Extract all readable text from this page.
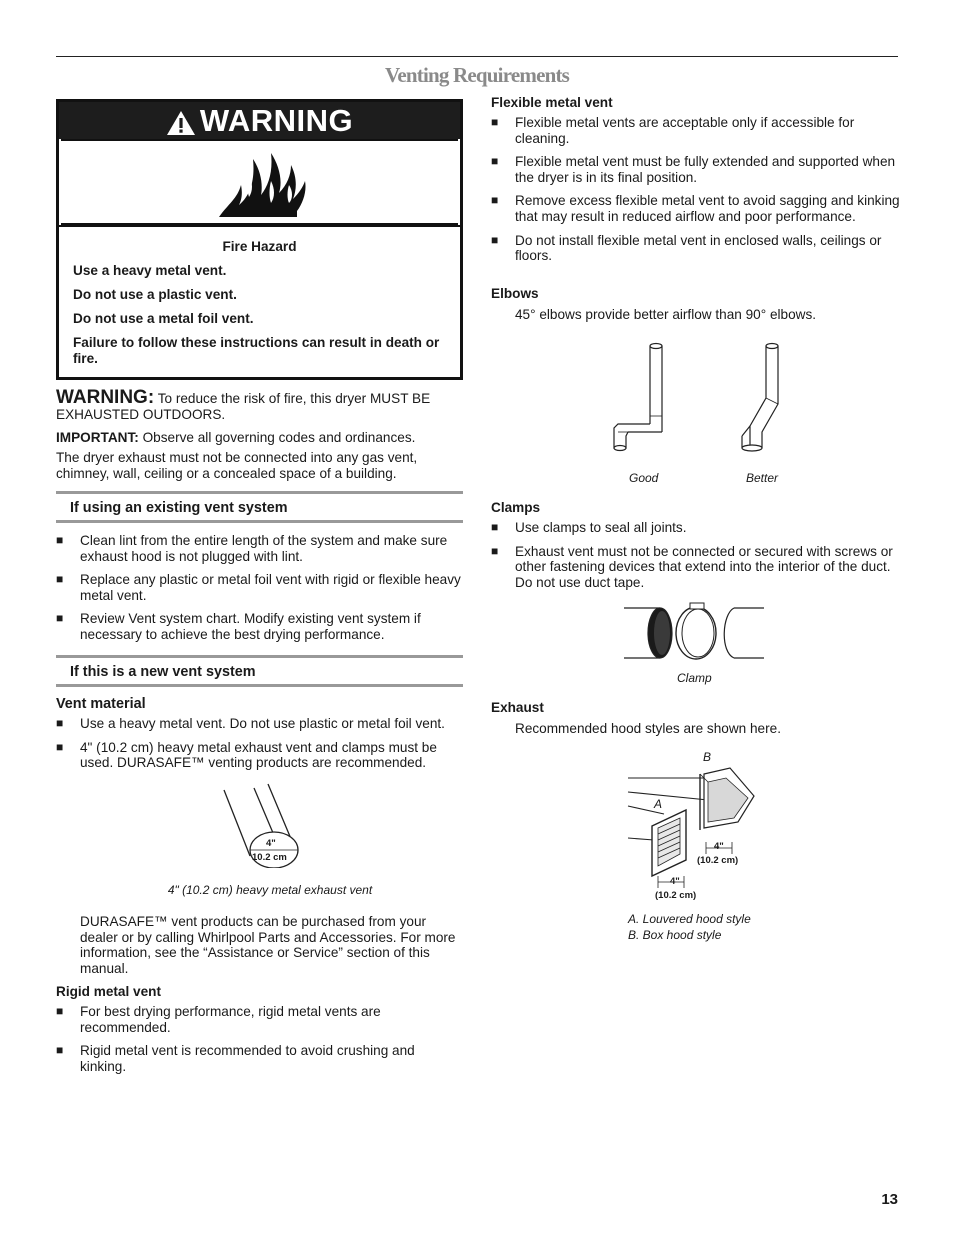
Venting Requirements
WARNING

Fire Hazard

Use a heavy metal vent.

Do not use a plastic vent.

Do not use a metal foil vent.

Failure to follow these instructions can result in death or fire.

WARNING: To reduce the risk of fire, this dryer MUST BE EXHAUSTED OUTDOORS.
IMPORTANT: Observe all governing codes and ordinances.
The dryer exhaust must not be connected into any gas vent, chimney, wall, ceiling or a concealed space of a building.
If using an existing vent system
■ Clean lint from the entire length of the system and make sure exhaust hood is not plugged with lint.
■ Replace any plastic or metal foil vent with rigid or flexible heavy metal vent.
■ Review Vent system chart. Modify existing vent system if necessary to achieve the best drying performance.
If this is a new vent system
Vent material
■ Use a heavy metal vent. Do not use plastic or metal foil vent.
■ 4" (10.2 cm) heavy metal exhaust vent and clamps must be used. DURASAFE™ venting products are recommended.
4"
10.2 cm
4" (10.2 cm) heavy metal exhaust vent
DURASAFE™ vent products can be purchased from your dealer or by calling Whirlpool Parts and Accessories. For more information, see the “Assistance or Service” section of this manual.
Rigid metal vent
■ For best drying performance, rigid metal vents are recommended.
■ Rigid metal vent is recommended to avoid crushing and kinking.
Flexible metal vent
■ Flexible metal vents are acceptable only if accessible for cleaning.
■ Flexible metal vent must be fully extended and supported when the dryer is in its final position.
■ Remove excess flexible metal vent to avoid sagging and kinking that may result in reduced airflow and poor performance.
■ Do not install flexible metal vent in enclosed walls, ceilings or floors.
Elbows
45° elbows provide better airflow than 90° elbows.
Good	Better
Clamps
■ Use clamps to seal all joints.
■ Exhaust vent must not be connected or secured with screws or other fastening devices that extend into the interior of the duct. Do not use duct tape.
Clamp
Exhaust
Recommended hood styles are shown here.
B
A
4"
(10.2 cm)
4"
(10.2 cm)
A. Louvered hood style
B. Box hood style
13
